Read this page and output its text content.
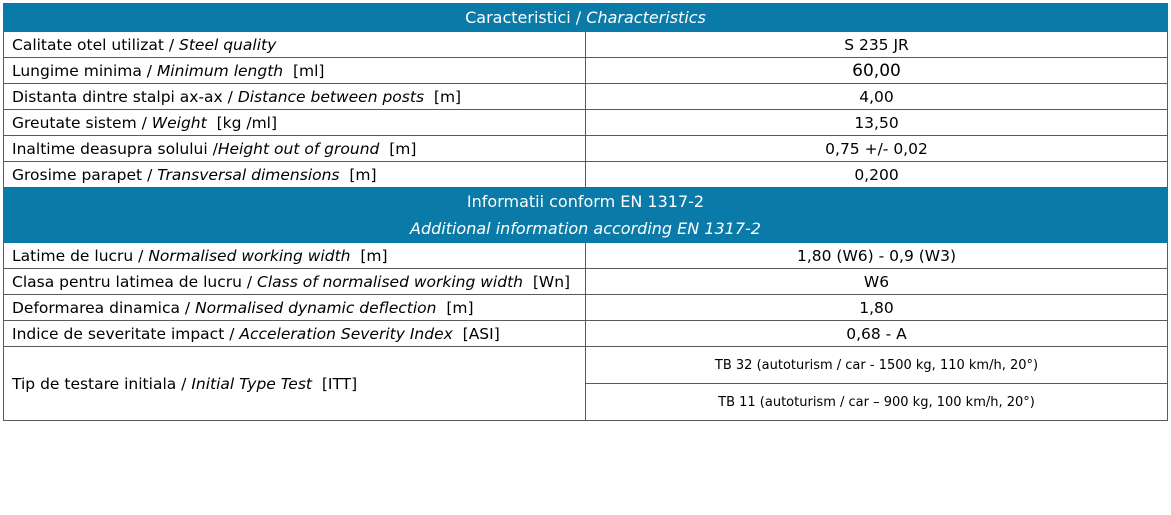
Caracteristici / Characteristics	
Calitate otel utilizat / Steel quality	S 235 JR
Lungime minima / Minimum length [ml]	60,00
Distanta dintre stalpi ax-ax / Distance between posts [m]	4,00
Greutate sistem / Weight [kg /ml]	13,50
Inaltime deasupra solului /Height out of ground [m]	0,75 +/- 0,02
Grosime parapet / Transversal dimensions [m]	0,200
Informatii conform EN 1317-2	
Additional information according EN 1317-2	
Latime de lucru / Normalised working width [m]	1,80 (W6) - 0,9 (W3)
Clasa pentru latimea de lucru / Class of normalised working width [Wn]	W6
Deformarea dinamica / Normalised dynamic deflection [m]	1,80
Indice de severitate impact / Acceleration Severity Index [ASI]	0,68 - A
Tip de testare initiala / Initial Type Test [ITT]	TB 32 (autoturism / car - 1500 kg, 110 km/h, 20°)
	TB 11 (autoturism / car – 900 kg, 100 km/h, 20°)
